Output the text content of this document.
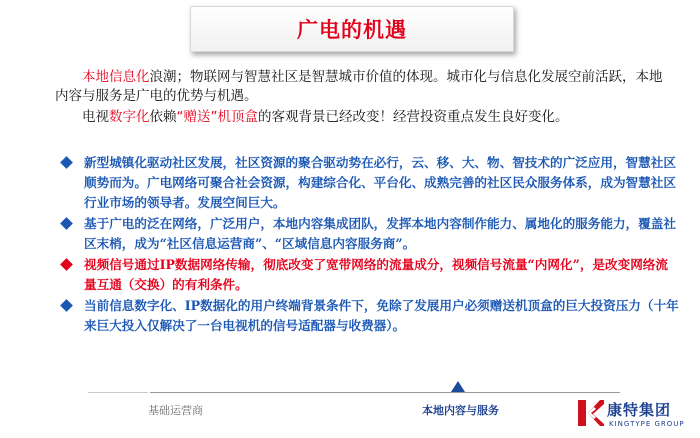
广电的机遇

  本地信息化浪潮；物联网与智慧社区是智慧城市价值的体现。城市化与信息化发展空前活跃，本地内容与服务是广电的优势与机遇。

  电视数字化依赖“赠送”机顶盒的客观背景已经改变！经营投资重点发生良好变化。

新型城镇化驱动社区发展，社区资源的聚合驱动势在必行，云、移、大、物、智技术的广泛应用，智慧社区顺势而为。广电网络可聚合社会资源，构建综合化、平台化、成熟完善的社区民众服务体系，成为智慧社区行业市场的领导者。发展空间巨大。
基于广电的泛在网络，广泛用户，本地内容集成团队，发挥本地内容制作能力、属地化的服务能力，覆盖社区末梢，成为“社区信息运营商”、“区域信息内容服务商”。
视频信号通过IP数据网络传输，彻底改变了宽带网络的流量成分，视频信号流量“内网化”，是改变网络流量互通（交换）的有利条件。
当前信息数字化、IP数据化的用户终端背景条件下，免除了发展用户必须赠送机顶盒的巨大投资压力（十年来巨大投入仅解决了一台电视机的信号适配器与收费器）。
基础运营商	本地内容与服务	康特集团
KINGTYPE GROUP
